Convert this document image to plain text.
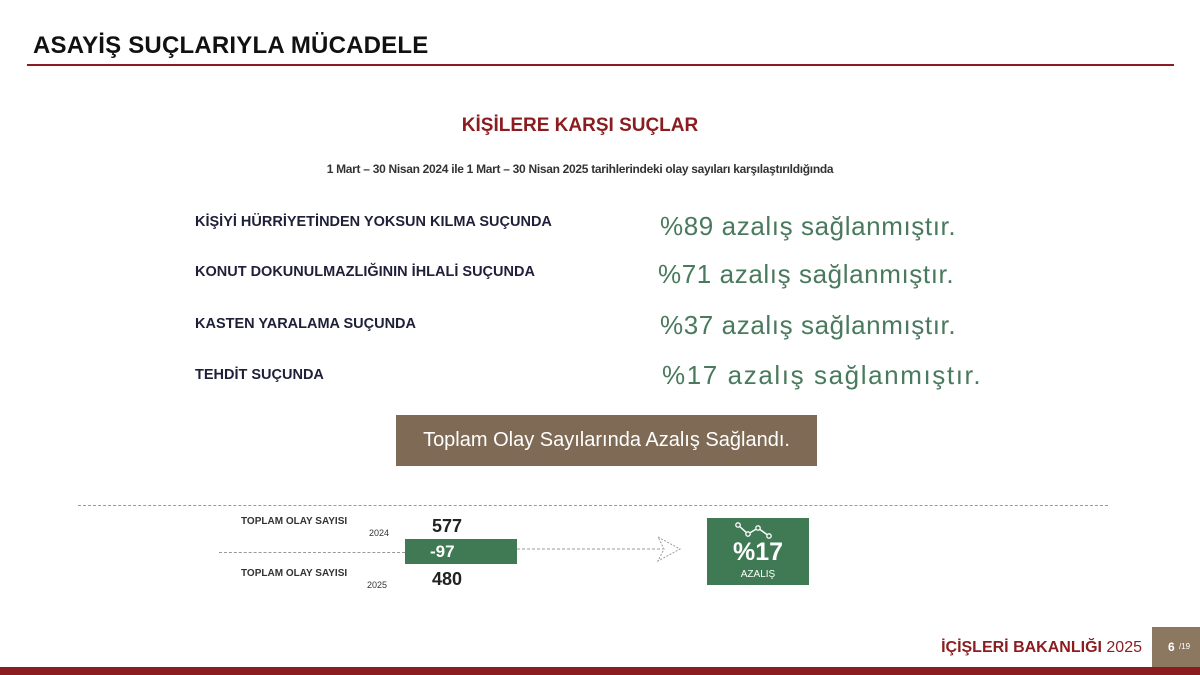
ASAYİŞ SUÇLARIYLA MÜCADELE
KİŞİLERE KARŞI SUÇLAR
1 Mart – 30 Nisan 2024 ile 1 Mart – 30 Nisan 2025 tarihlerindeki olay sayıları karşılaştırıldığında
KİŞİYİ HÜRRİYETİNDEN YOKSUN KILMA SUÇUNDA	%89 azalış sağlanmıştır.
KONUT DOKUNULMAZLIĞININ İHLALİ SUÇUNDA	%71 azalış sağlanmıştır.
KASTEN YARALAMA SUÇUNDA	%37 azalış sağlanmıştır.
TEHDİT SUÇUNDA	%17 azalış sağlanmıştır.
Toplam Olay Sayılarında Azalış Sağlandı.
TOPLAM OLAY SAYISI
2024 577
-97
TOPLAM OLAY SAYISI
2025 480
%17
AZALIŞ
İÇİŞLERİ BAKANLIĞI 2025 6 /19
